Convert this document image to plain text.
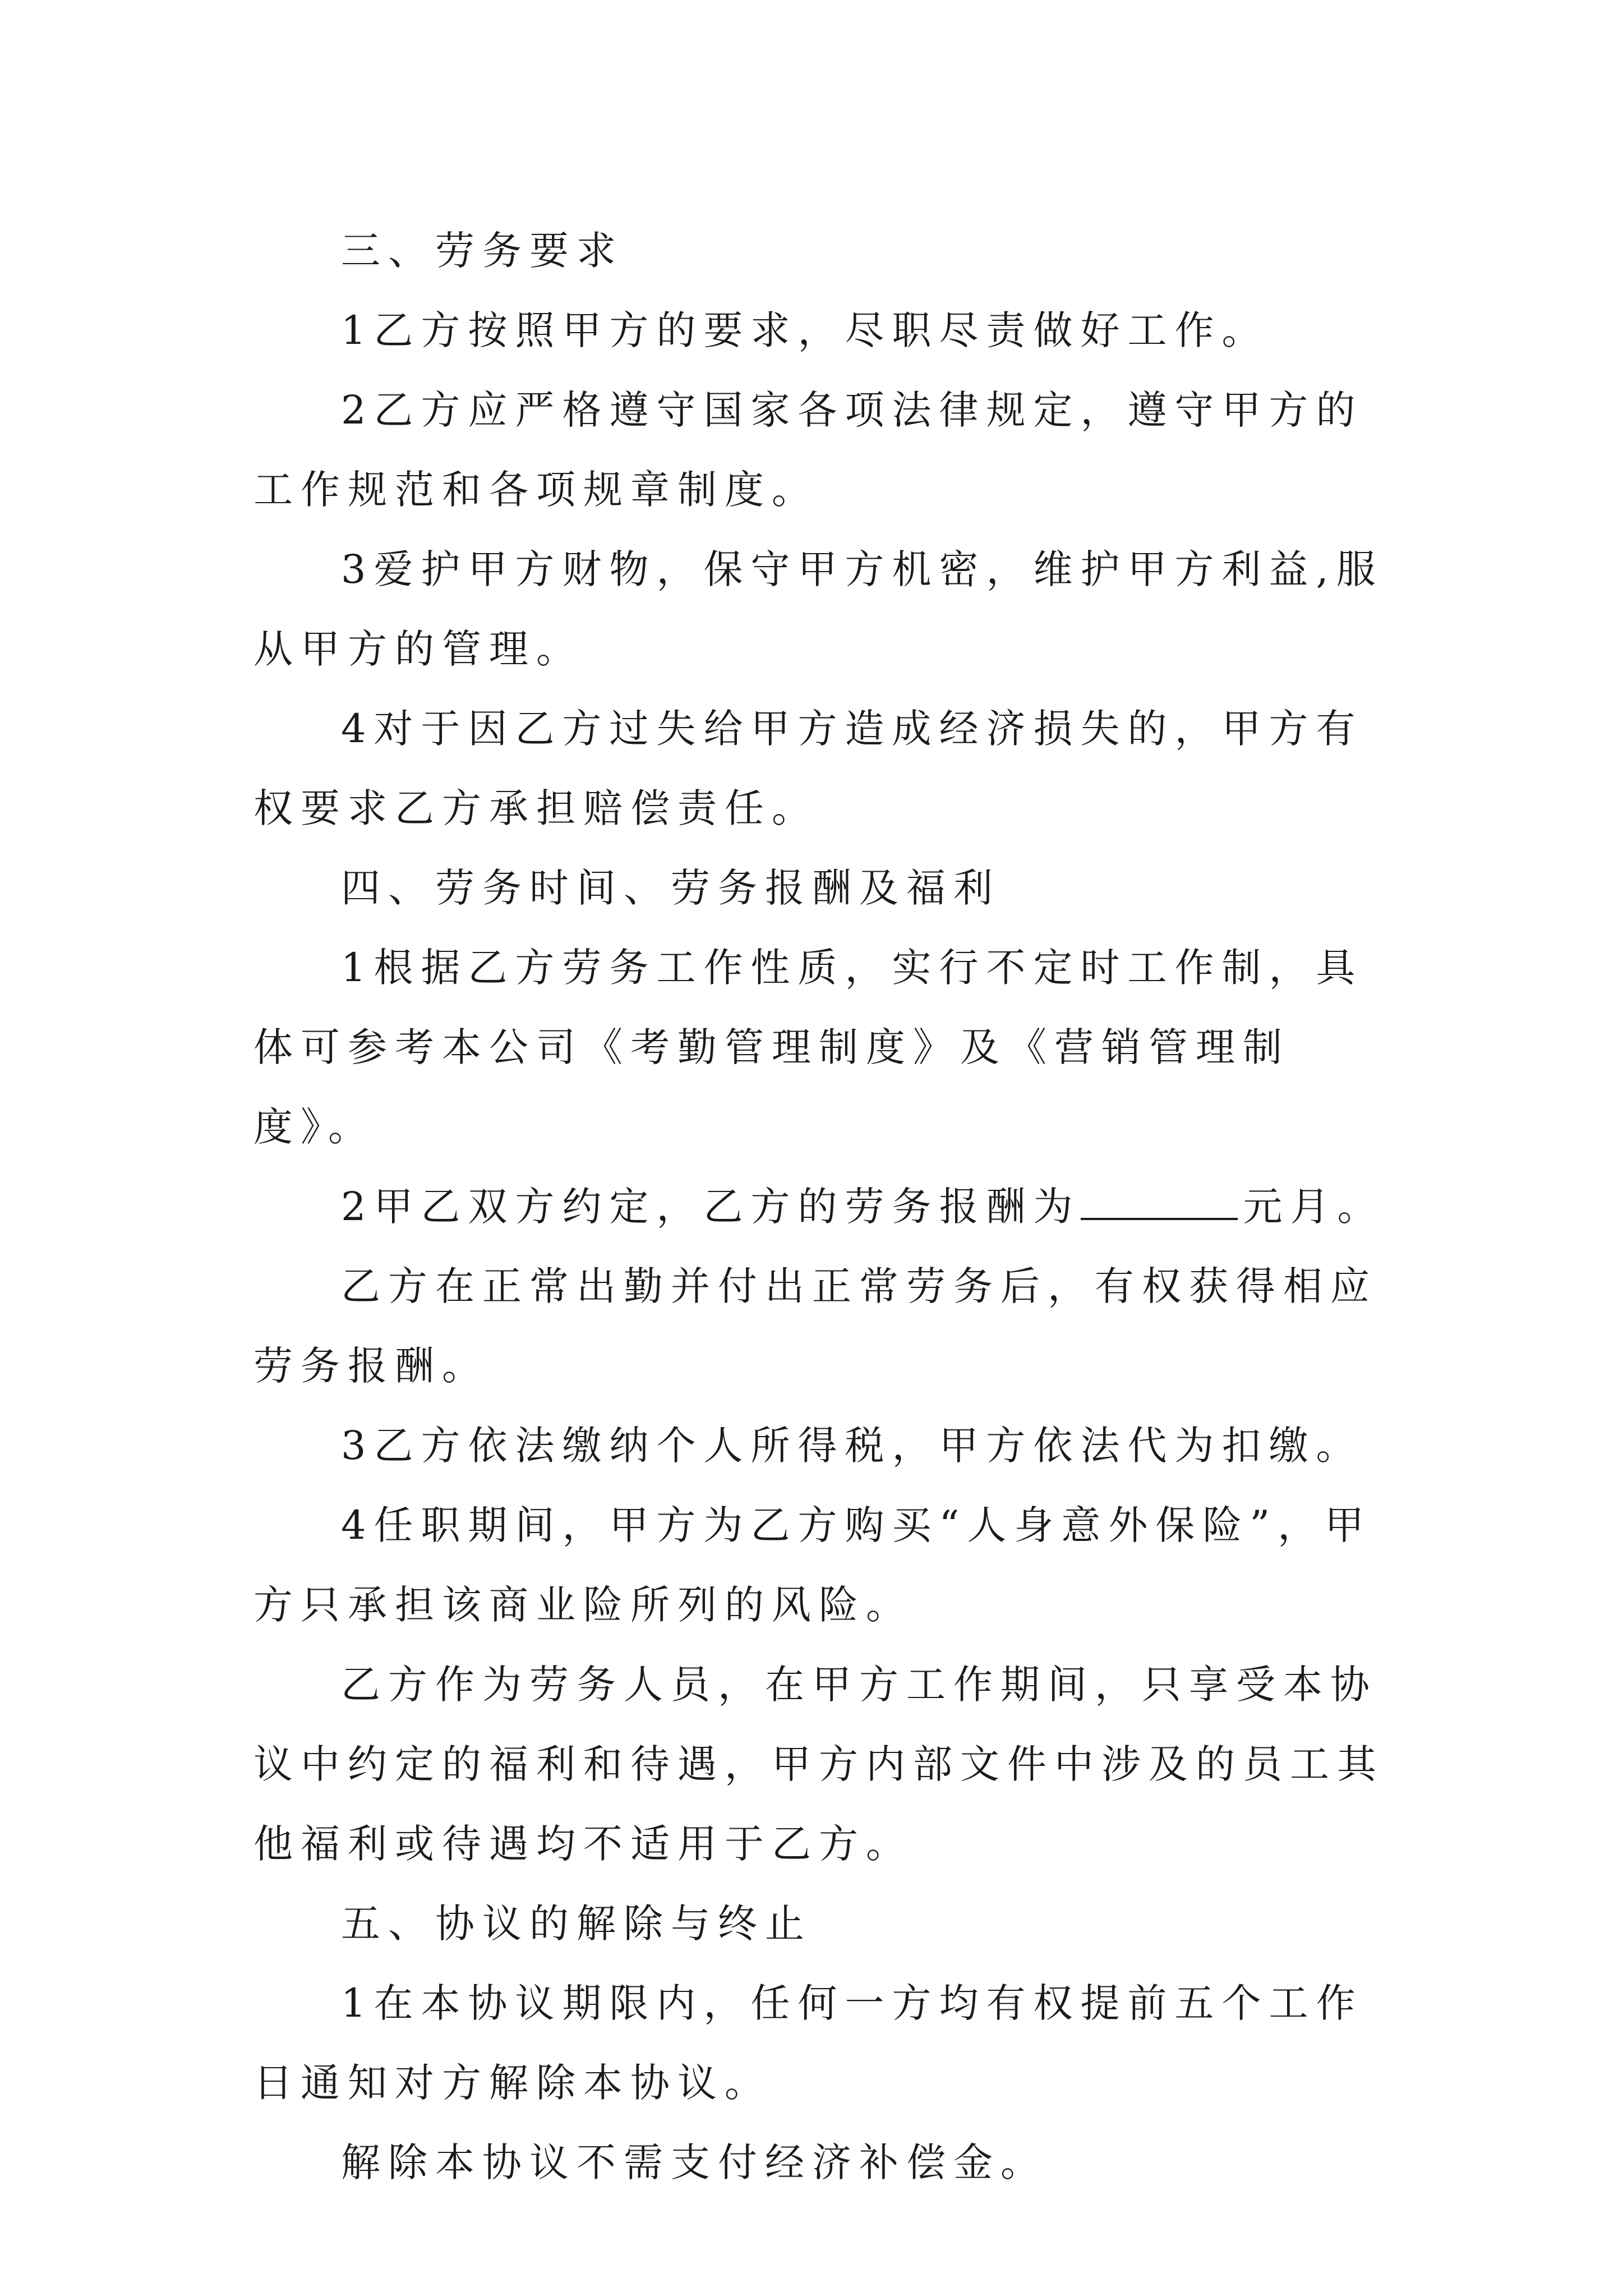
三、劳务要求

1乙方按照甲方的要求，尽职尽责做好工作。

2乙方应严格遵守国家各项法律规定，遵守甲方的工作规范和各项规章制度。

3爱护甲方财物，保守甲方机密，维护甲方利益,服从甲方的管理。

4对于因乙方过失给甲方造成经济损失的，甲方有权要求乙方承担赔偿责任。

四、劳务时间、劳务报酬及福利

1根据乙方劳务工作性质，实行不定时工作制，具体可参考本公司《考勤管理制度》及《营销管理制度》。

2甲乙双方约定，乙方的劳务报酬为	元月。

乙方在正常出勤并付出正常劳务后，有权获得相应劳务报酬。

3乙方依法缴纳个人所得税，甲方依法代为扣缴。

4任职期间，甲方为乙方购买“人身意外保险”，甲方只承担该商业险所列的风险。

乙方作为劳务人员，在甲方工作期间，只享受本协议中约定的福利和待遇，甲方内部文件中涉及的员工其他福利或待遇均不适用于乙方。

五、协议的解除与终止

1在本协议期限内，任何一方均有权提前五个工作日通知对方解除本协议。

解除本协议不需支付经济补偿金。
